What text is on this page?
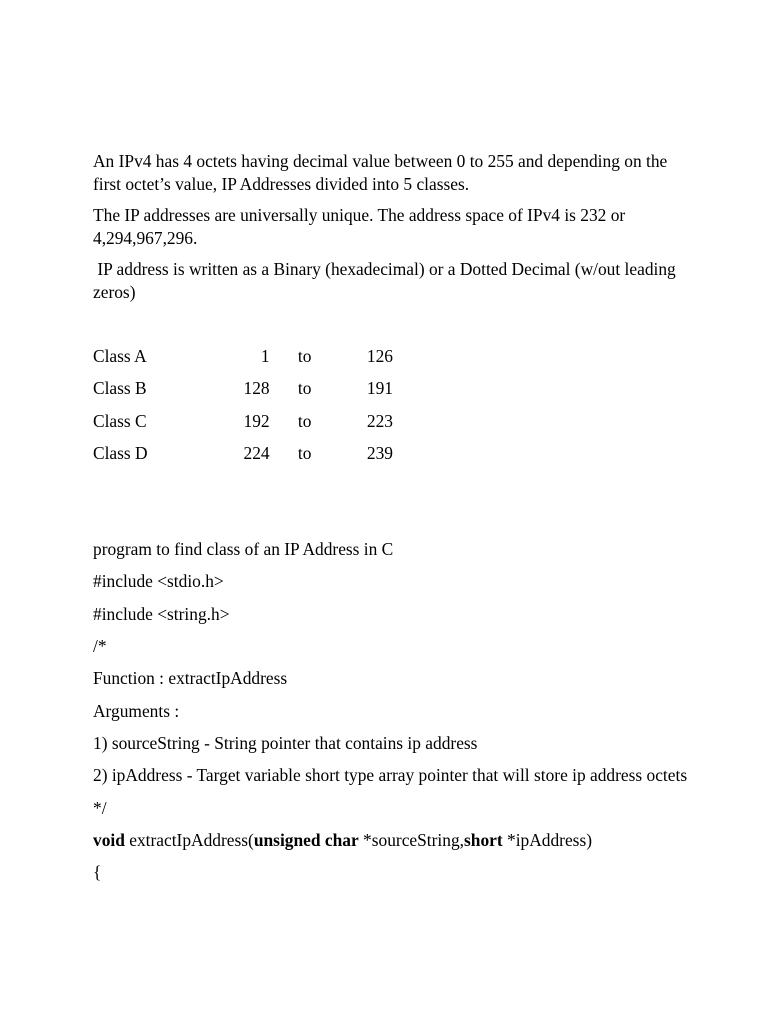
An IPv4 has 4 octets having decimal value between 0 to 255 and depending on the first octet’s value, IP Addresses divided into 5 classes.

The IP addresses are universally unique. The address space of IPv4 is 232 or 4,294,967,296.

IP address is written as a Binary (hexadecimal) or a Dotted Decimal (w/out leading zeros)

Class A	1	to	126
Class B	128	to	191
Class C	192	to	223
Class D	224	to	239

program to find class of an IP Address in C

#include <stdio.h>

#include <string.h>

/*

Function : extractIpAddress

Arguments :

1) sourceString - String pointer that contains ip address

2) ipAddress - Target variable short type array pointer that will store ip address octets

*/

void extractIpAddress(unsigned char *sourceString,short *ipAddress)

{
